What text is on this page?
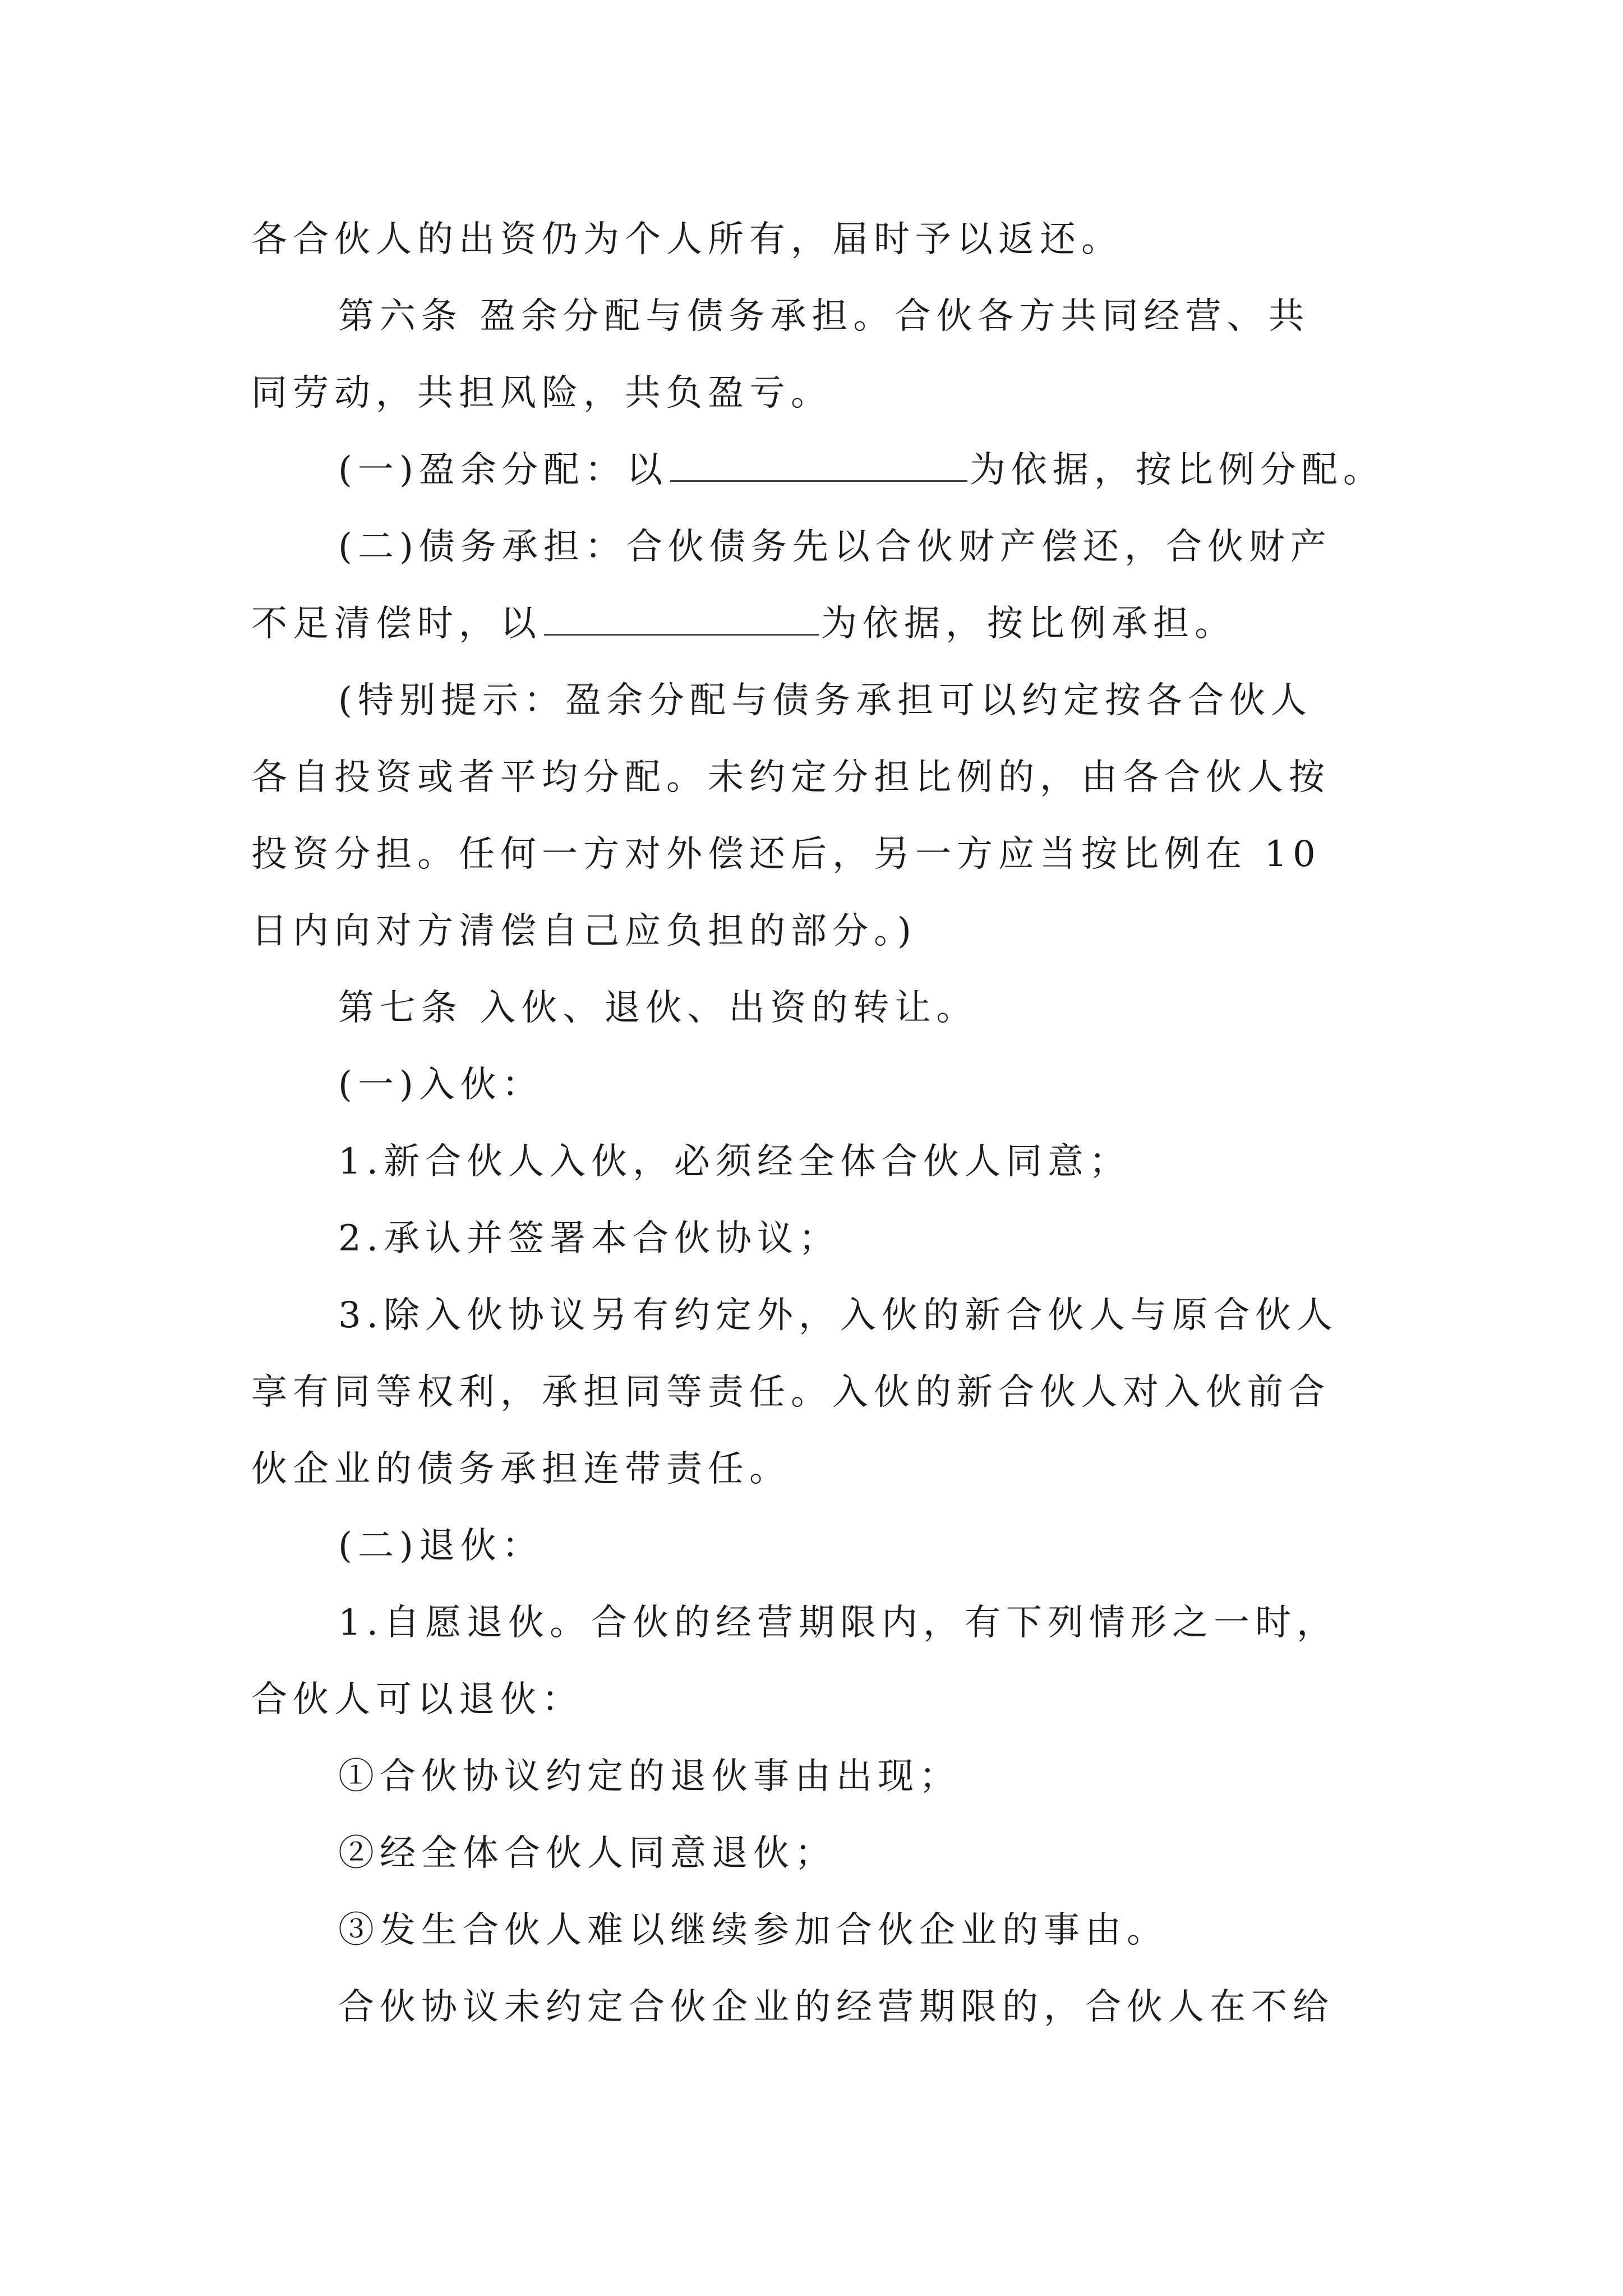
各合伙人的出资仍为个人所有，届时予以返还。
第六条 盈余分配与债务承担。合伙各方共同经营、共
同劳动，共担风险，共负盈亏。
(一)盈余分配：以	为依据，按比例分配。
(二)债务承担：合伙债务先以合伙财产偿还，合伙财产
不足清偿时，以	为依据，按比例承担。
(特别提示：盈余分配与债务承担可以约定按各合伙人
各自投资或者平均分配。未约定分担比例的，由各合伙人按
投资分担。任何一方对外偿还后，另一方应当按比例在 10
日内向对方清偿自己应负担的部分。)
第七条 入伙、退伙、出资的转让。
(一)入伙：
1.新合伙人入伙，必须经全体合伙人同意；
2.承认并签署本合伙协议；
3.除入伙协议另有约定外，入伙的新合伙人与原合伙人
享有同等权利，承担同等责任。入伙的新合伙人对入伙前合
伙企业的债务承担连带责任。
(二)退伙：
1.自愿退伙。合伙的经营期限内，有下列情形之一时，
合伙人可以退伙：
①合伙协议约定的退伙事由出现；
②经全体合伙人同意退伙；
③发生合伙人难以继续参加合伙企业的事由。
合伙协议未约定合伙企业的经营期限的，合伙人在不给
